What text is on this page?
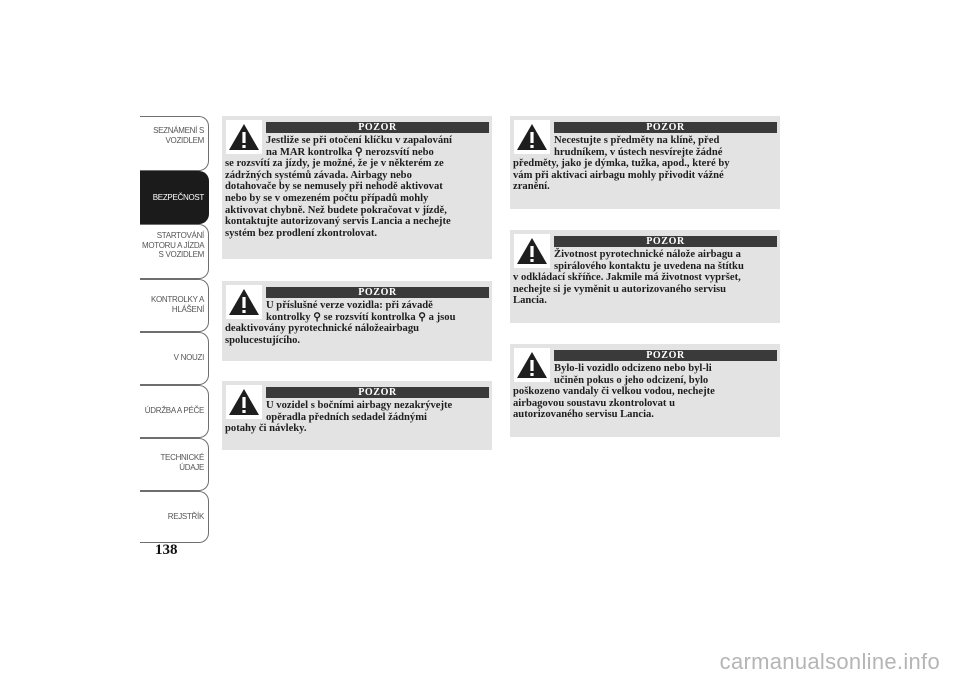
SEZNÁMENÍ S
VOZIDLEM
BEZPEČNOST
STARTOVÁNÍ
MOTORU A JÍZDA
S VOZIDLEM
KONTROLKY A
HLÁŠENÍ
V NOUZI
ÚDRŽBA A PÉČE
TECHNICKÉ
ÚDAJE
REJSTŘÍK
138
POZOR
Jestliže se při otočení klíčku v zapalování
na MAR kontrolka ⚲ nerozsvítí nebo
se rozsvítí za jízdy, je možné, že je v některém ze
zádržných systémů závada. Airbagy nebo
dotahovače by se nemusely při nehodě aktivovat
nebo by se v omezeném počtu případů mohly
aktivovat chybně. Než budete pokračovat v jízdě,
kontaktujte autorizovaný servis Lancia a nechejte
systém bez prodlení zkontrolovat.
POZOR
U příslušné verze vozidla: při závadě
kontrolky ⚲ se rozsvítí kontrolka ⚲ a jsou
deaktivovány pyrotechnické náložeairbagu
spolucestujícího.
POZOR
U vozidel s bočními airbagy nezakrývejte
opěradla předních sedadel žádnými
potahy či návleky.
POZOR
Necestujte s předměty na klíně, před
hrudníkem, v ústech nesvírejte žádné
předměty, jako je dýmka, tužka, apod., které by
vám při aktivaci airbagu mohly přivodit vážné
zranění.
POZOR
Životnost pyrotechnické nálože airbagu a
spirálového kontaktu je uvedena na štítku
v odkládací skříňce. Jakmile má životnost vypršet,
nechejte si je vyměnit u autorizovaného servisu
Lancia.
POZOR
Bylo-li vozidlo odcizeno nebo byl-li
učiněn pokus o jeho odcizení, bylo
poškozeno vandaly či velkou vodou, nechejte
airbagovou soustavu zkontrolovat u
autorizovaného servisu Lancia.
carmanualsonline.info
